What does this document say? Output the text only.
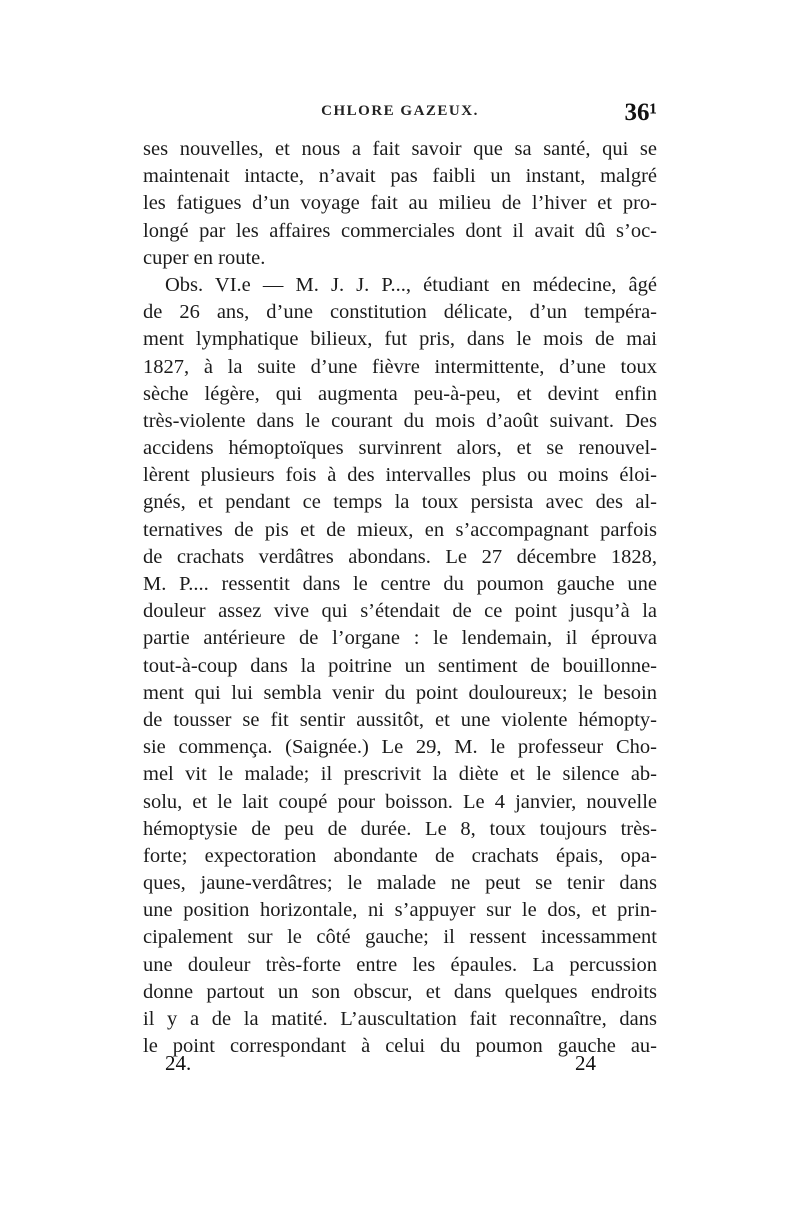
CHLORE GAZEUX.	36¹
ses nouvelles, et nous a fait savoir que sa santé, qui se
maintenait intacte, n’avait pas faibli un instant, malgré
les fatigues d’un voyage fait au milieu de l’hiver et pro-
longé par les affaires commerciales dont il avait dû s’oc-
cuper en route.
Obs. VI.e — M. J. J. P..., étudiant en médecine, âgé
de 26 ans, d’une constitution délicate, d’un tempéra-
ment lymphatique bilieux, fut pris, dans le mois de mai
1827, à la suite d’une fièvre intermittente, d’une toux
sèche légère, qui augmenta peu-à-peu, et devint enfin
très-violente dans le courant du mois d’août suivant. Des
accidens hémoptoïques survinrent alors, et se renouvel-
lèrent plusieurs fois à des intervalles plus ou moins éloi-
gnés, et pendant ce temps la toux persista avec des al-
ternatives de pis et de mieux, en s’accompagnant parfois
de crachats verdâtres abondans. Le 27 décembre 1828,
M. P.... ressentit dans le centre du poumon gauche une
douleur assez vive qui s’étendait de ce point jusqu’à la
partie antérieure de l’organe : le lendemain, il éprouva
tout-à-coup dans la poitrine un sentiment de bouillonne-
ment qui lui sembla venir du point douloureux; le besoin
de tousser se fit sentir aussitôt, et une violente hémopty-
sie commença. (Saignée.) Le 29, M. le professeur Cho-
mel vit le malade; il prescrivit la diète et le silence ab-
solu, et le lait coupé pour boisson. Le 4 janvier, nouvelle
hémoptysie de peu de durée. Le 8, toux toujours très-
forte; expectoration abondante de crachats épais, opa-
ques, jaune-verdâtres; le malade ne peut se tenir dans
une position horizontale, ni s’appuyer sur le dos, et prin-
cipalement sur le côté gauche; il ressent incessamment
une douleur très-forte entre les épaules. La percussion
donne partout un son obscur, et dans quelques endroits
il y a de la matité. L’auscultation fait reconnaître, dans
le point correspondant à celui du poumon gauche au-
24.	24
